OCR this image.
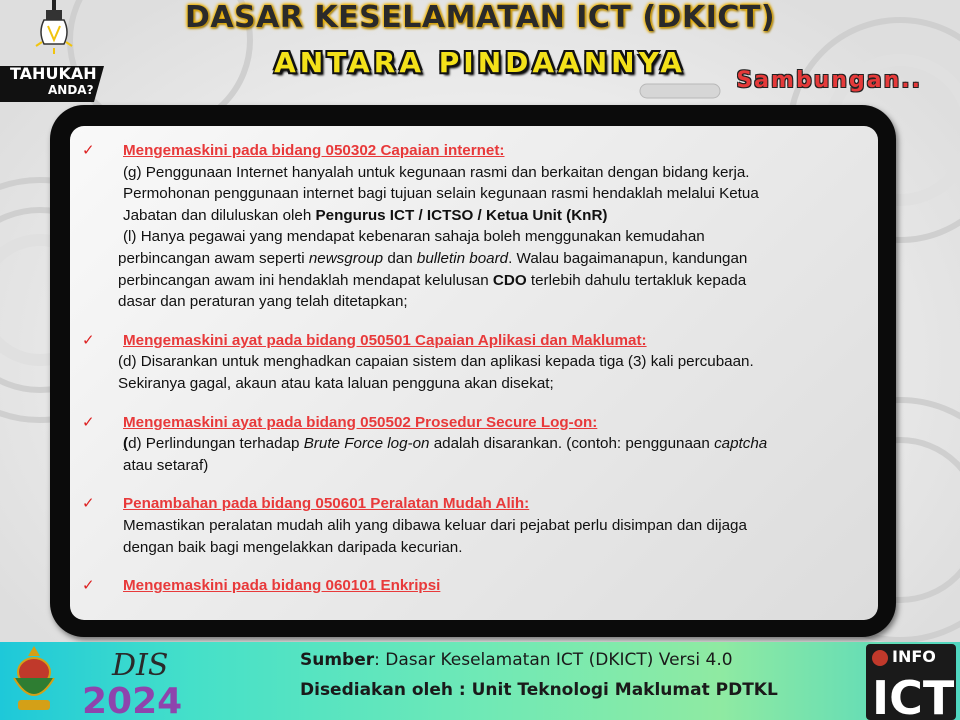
DASAR KESELAMATAN ICT (DKICT)
ANTARA PINDAANNYA
Sambungan..
TAHUKAH
ANDA?
✓ Mengemaskini pada bidang 050302 Capaian internet:
(g) Penggunaan Internet hanyalah untuk kegunaan rasmi dan berkaitan dengan bidang kerja.
Permohonan penggunaan internet bagi tujuan selain kegunaan rasmi hendaklah melalui Ketua
Jabatan dan diluluskan oleh Pengurus ICT / ICTSO / Ketua Unit (KnR)
(l) Hanya pegawai yang mendapat kebenaran sahaja boleh menggunakan kemudahan
perbincangan awam seperti newsgroup dan bulletin board. Walau bagaimanapun, kandungan
perbincangan awam ini hendaklah mendapat kelulusan CDO terlebih dahulu tertakluk kepada
dasar dan peraturan yang telah ditetapkan;
✓ Mengemaskini ayat pada bidang 050501 Capaian Aplikasi dan Maklumat:
(d) Disarankan untuk menghadkan capaian sistem dan aplikasi kepada tiga (3) kali percubaan.
Sekiranya gagal, akaun atau kata laluan pengguna akan disekat;
✓ Mengemaskini ayat pada bidang 050502 Prosedur Secure Log-on:
(d) Perlindungan terhadap Brute Force log-on adalah disarankan. (contoh: penggunaan captcha
atau setaraf)
✓ Penambahan pada bidang 050601 Peralatan Mudah Alih:
Memastikan peralatan mudah alih yang dibawa keluar dari pejabat perlu disimpan dan dijaga
dengan baik bagi mengelakkan daripada kecurian.
✓ Mengemaskini pada bidang 060101 Enkripsi
DIS
2024
Sumber: Dasar Keselamatan ICT (DKICT) Versi 4.0
Disediakan oleh : Unit Teknologi Maklumat PDTKL
INFO
ICT
